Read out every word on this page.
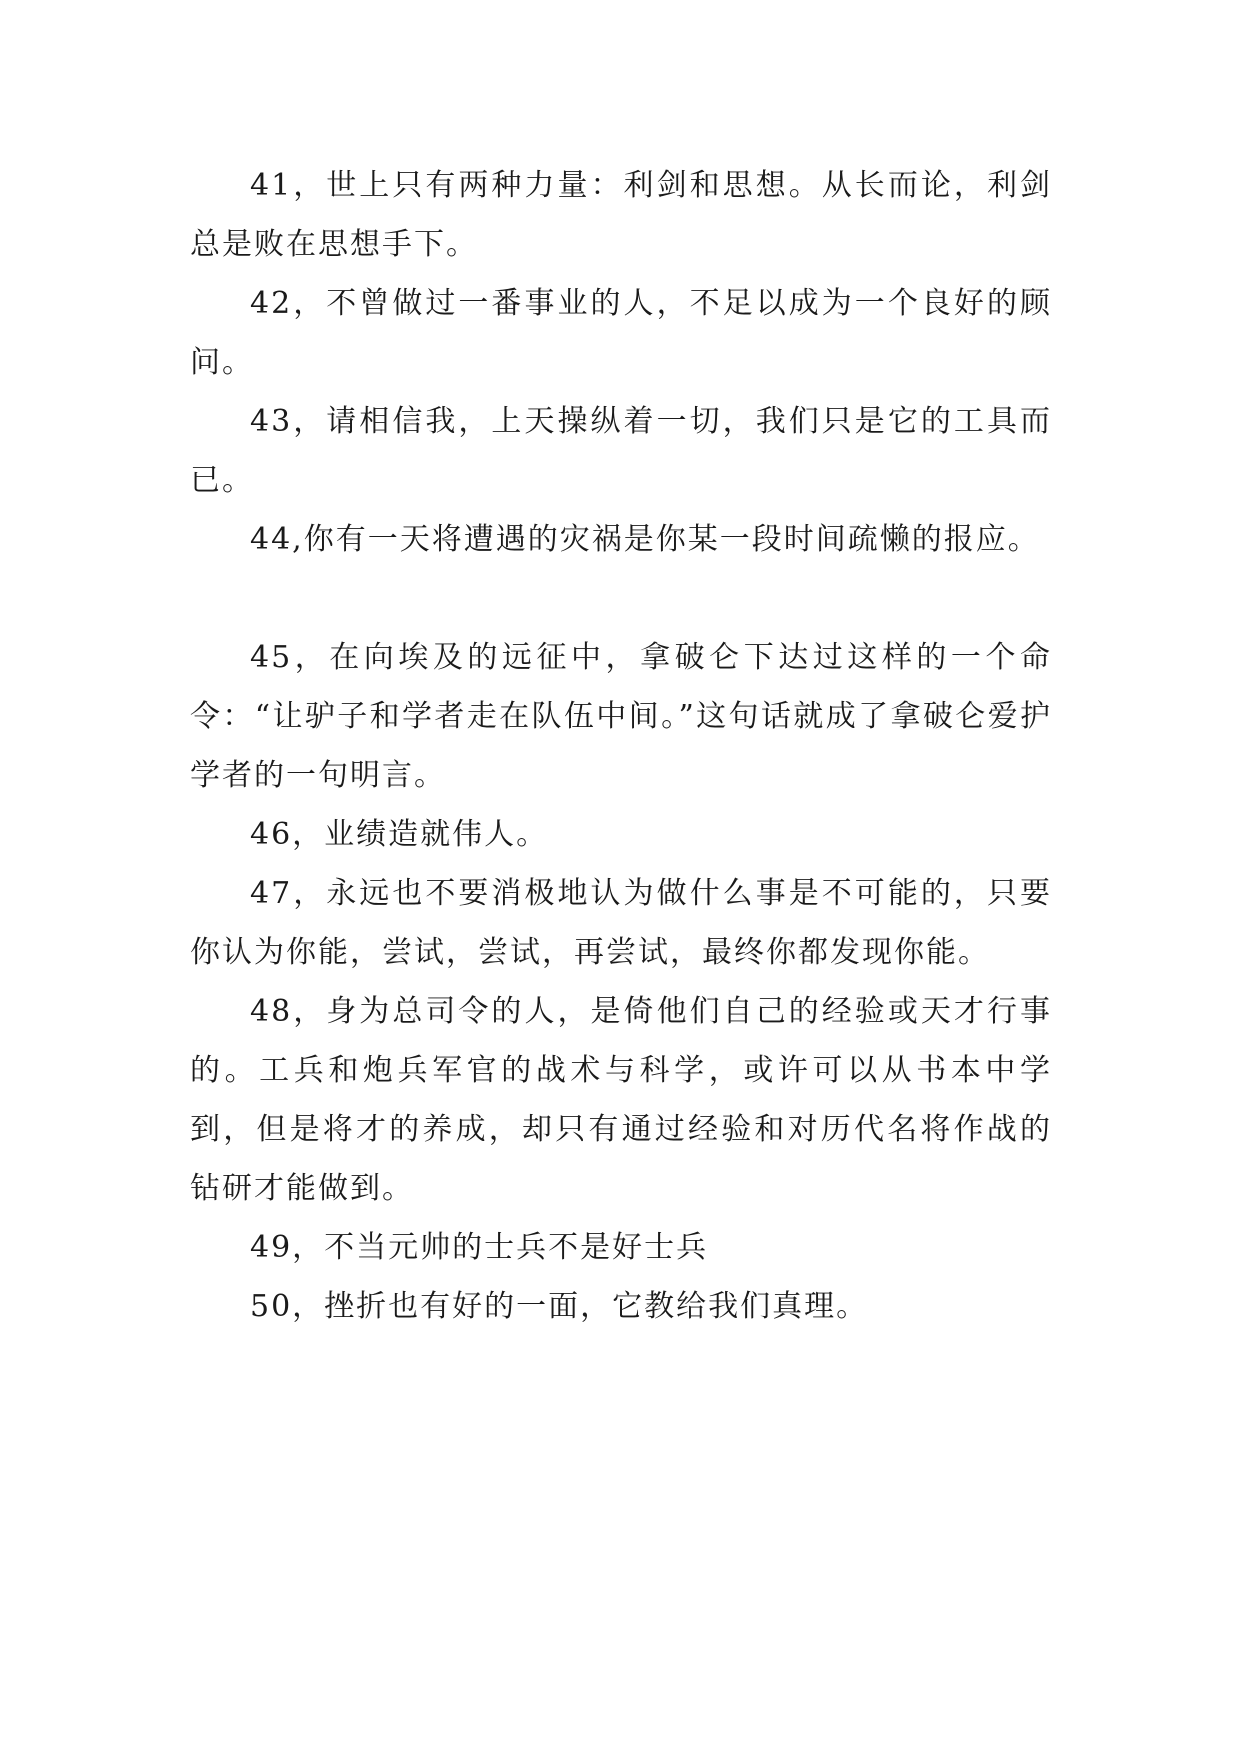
41，世上只有两种力量：利剑和思想。从长而论，利剑总是败在思想手下。

42，不曾做过一番事业的人，不足以成为一个良好的顾问。

43，请相信我，上天操纵着一切，我们只是它的工具而已。

44,你有一天将遭遇的灾祸是你某一段时间疏懒的报应。

45，在向埃及的远征中，拿破仑下达过这样的一个命令：“让驴子和学者走在队伍中间。”这句话就成了拿破仑爱护学者的一句明言。

46，业绩造就伟人。

47，永远也不要消极地认为做什么事是不可能的，只要你认为你能，尝试，尝试，再尝试，最终你都发现你能。

48，身为总司令的人，是倚他们自己的经验或天才行事的。工兵和炮兵军官的战术与科学，或许可以从书本中学到，但是将才的养成，却只有通过经验和对历代名将作战的钻研才能做到。

49，不当元帅的士兵不是好士兵

50，挫折也有好的一面，它教给我们真理。
